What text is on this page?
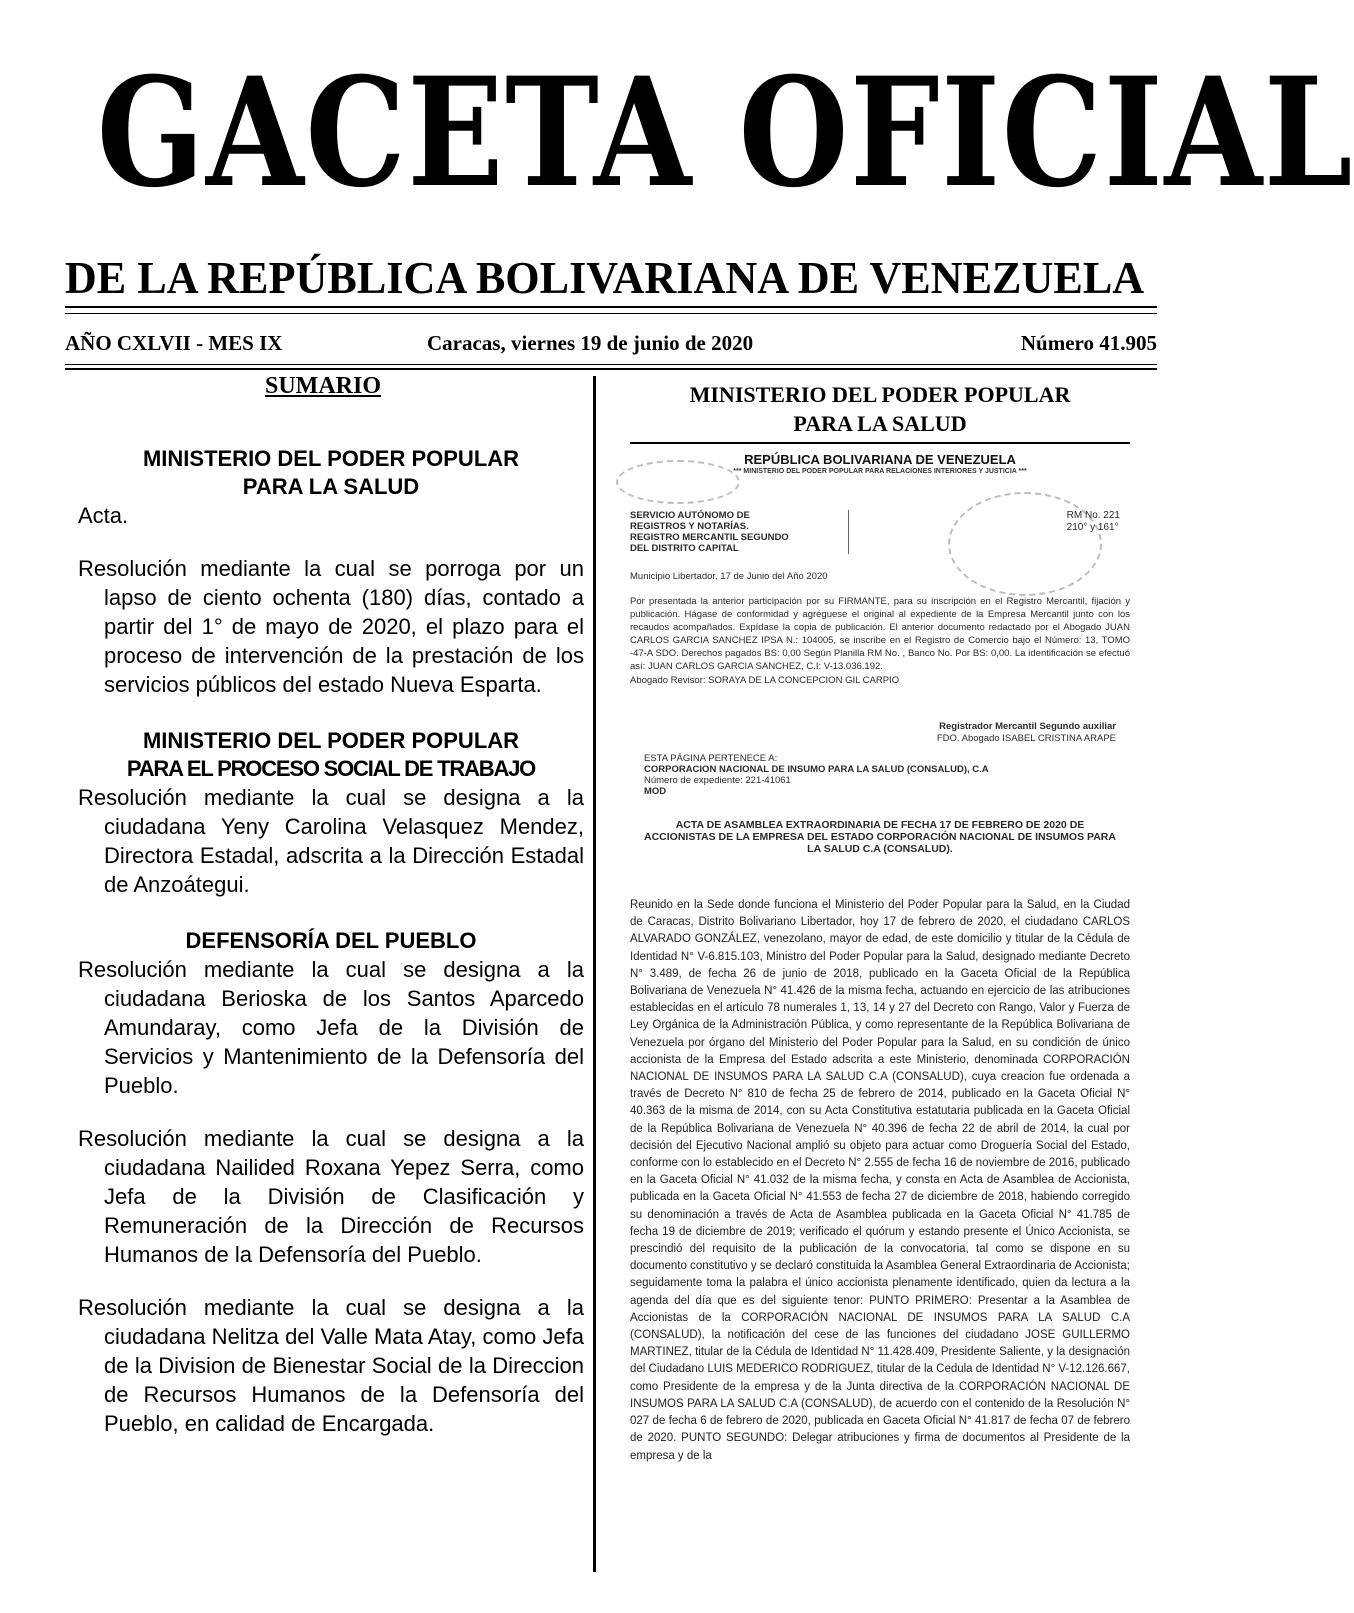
GACETA OFICIAL
DE LA REPÚBLICA BOLIVARIANA DE VENEZUELA
AÑO CXLVII - MES IX	Caracas, viernes 19 de junio de 2020	Número 41.905
SUMARIO
MINISTERIO DEL PODER POPULAR
PARA LA SALUD
Acta.
Resolución mediante la cual se porroga por un lapso de ciento ochenta (180) días, contado a partir del 1° de mayo de 2020, el plazo para el proceso de intervención de la prestación de los servicios públicos del estado Nueva Esparta.
MINISTERIO DEL PODER POPULAR
PARA EL PROCESO SOCIAL DE TRABAJO
Resolución mediante la cual se designa a la ciudadana Yeny Carolina Velasquez Mendez, Directora Estadal, adscrita a la Dirección Estadal de Anzoátegui.
DEFENSORÍA DEL PUEBLO
Resolución mediante la cual se designa a la ciudadana Berioska de los Santos Aparcedo Amundaray, como Jefa de la División de Servicios y Mantenimiento de la Defensoría del Pueblo.
Resolución mediante la cual se designa a la ciudadana Nailided Roxana Yepez Serra, como Jefa de la División de Clasificación y Remuneración de la Dirección de Recursos Humanos de la Defensoría del Pueblo.
Resolución mediante la cual se designa a la ciudadana Nelitza del Valle Mata Atay, como Jefa de la Division de Bienestar Social de la Direccion de Recursos Humanos de la Defensoría del Pueblo, en calidad de Encargada.
MINISTERIO DEL PODER POPULAR
PARA LA SALUD
REPÚBLICA BOLIVARIANA DE VENEZUELA
*** MINISTERIO DEL PODER POPULAR PARA RELACIONES INTERIORES Y JUSTICIA ***
SERVICIO AUTÓNOMO DE
REGISTROS Y NOTARÍAS.
REGISTRO MERCANTIL SEGUNDO
DEL DISTRITO CAPITAL
RM No. 221
210° y 161°
Municipio Libertador, 17 de Junio del Año 2020
Por presentada la anterior participación por su FIRMANTE, para su inscripción en el Registro Mercantil, fijación y publicación. Hágase de conformidad y agréguese el original al expediente de la Empresa Mercantil junto con los recaudos acompañados. Expídase la copia de publicación. El anterior documento redactado por el Abogado JUAN CARLOS GARCIA SANCHEZ IPSA N.: 104005, se inscribe en el Registro de Comercio bajo el Número: 13, TOMO -47-A SDO. Derechos pagados BS: 0,00 Según Planilla RM No. , Banco No. Por BS: 0,00. La identificación se efectuó así: JUAN CARLOS GARCIA SANCHEZ, C.I: V-13.036.192.
Abogado Revisor: SORAYA DE LA CONCEPCION GIL CARPIO
Registrador Mercantil Segundo auxiliar
FDO. Abogado ISABEL CRISTINA ARAPE
ESTA PÁGINA PERTENECE A:
CORPORACION NACIONAL DE INSUMO PARA LA SALUD (CONSALUD), C.A
Número de expediente: 221-41061
MOD
ACTA DE ASAMBLEA EXTRAORDINARIA DE FECHA 17 DE FEBRERO DE 2020 DE ACCIONISTAS DE LA EMPRESA DEL ESTADO CORPORACIÓN NACIONAL DE INSUMOS PARA LA SALUD C.A (CONSALUD).
Reunido en la Sede donde funciona el Ministerio del Poder Popular para la Salud, en la Ciudad de Caracas, Distrito Bolivariano Libertador, hoy 17 de febrero de 2020, el ciudadano CARLOS ALVARADO GONZÁLEZ, venezolano, mayor de edad, de este domicilio y titular de la Cédula de Identidad N° V-6.815.103, Ministro del Poder Popular para la Salud, designado mediante Decreto N° 3.489, de fecha 26 de junio de 2018, publicado en la Gaceta Oficial de la República Bolivariana de Venezuela N° 41.426 de la misma fecha, actuando en ejercicio de las atribuciones establecidas en el artículo 78 numerales 1, 13, 14 y 27 del Decreto con Rango, Valor y Fuerza de Ley Orgánica de la Administración Pública, y como representante de la República Bolivariana de Venezuela por órgano del Ministerio del Poder Popular para la Salud, en su condición de único accionista de la Empresa del Estado adscrita a este Ministerio, denominada CORPORACIÓN NACIONAL DE INSUMOS PARA LA SALUD C.A (CONSALUD), cuya creacion fue ordenada a través de Decreto N° 810 de fecha 25 de febrero de 2014, publicado en la Gaceta Oficial N° 40.363 de la misma de 2014, con su Acta Constitutiva estatutaria publicada en la Gaceta Oficial de la República Bolivariana de Venezuela N° 40.396 de fecha 22 de abril de 2014, la cual por decisión del Ejecutivo Nacional amplió su objeto para actuar como Droguería Social del Estado, conforme con lo establecido en el Decreto N° 2.555 de fecha 16 de noviembre de 2016, publicado en la Gaceta Oficial N° 41.032 de la misma fecha, y consta en Acta de Asamblea de Accionista, publicada en la Gaceta Oficial N° 41.553 de fecha 27 de diciembre de 2018, habiendo corregido su denominación a través de Acta de Asamblea publicada en la Gaceta Oficial N° 41.785 de fecha 19 de diciembre de 2019; verificado el quórum y estando presente el Único Accionista, se prescindió del requisito de la publicación de la convocatoria, tal como se dispone en su documento constitutivo y se declaró constituida la Asamblea General Extraordinaria de Accionista; seguidamente toma la palabra el único accionista plenamente identificado, quien da lectura a la agenda del día que es del siguiente tenor: PUNTO PRIMERO: Presentar a la Asamblea de Accionistas de la CORPORACIÓN NACIONAL DE INSUMOS PARA LA SALUD C.A (CONSALUD), la notificación del cese de las funciones del ciudadano JOSE GUILLERMO MARTINEZ, titular de la Cédula de Identidad N° 11.428.409, Presidente Saliente, y la designación del Ciudadano LUIS MEDERICO RODRIGUEZ, titular de la Cedula de Identidad N° V-12.126.667, como Presidente de la empresa y de la Junta directiva de la CORPORACIÓN NACIONAL DE INSUMOS PARA LA SALUD C.A (CONSALUD), de acuerdo con el contenido de la Resolución N° 027 de fecha 6 de febrero de 2020, publicada en Gaceta Oficial N° 41.817 de fecha 07 de febrero de 2020. PUNTO SEGUNDO: Delegar atribuciones y firma de documentos al Presidente de la empresa y de la
